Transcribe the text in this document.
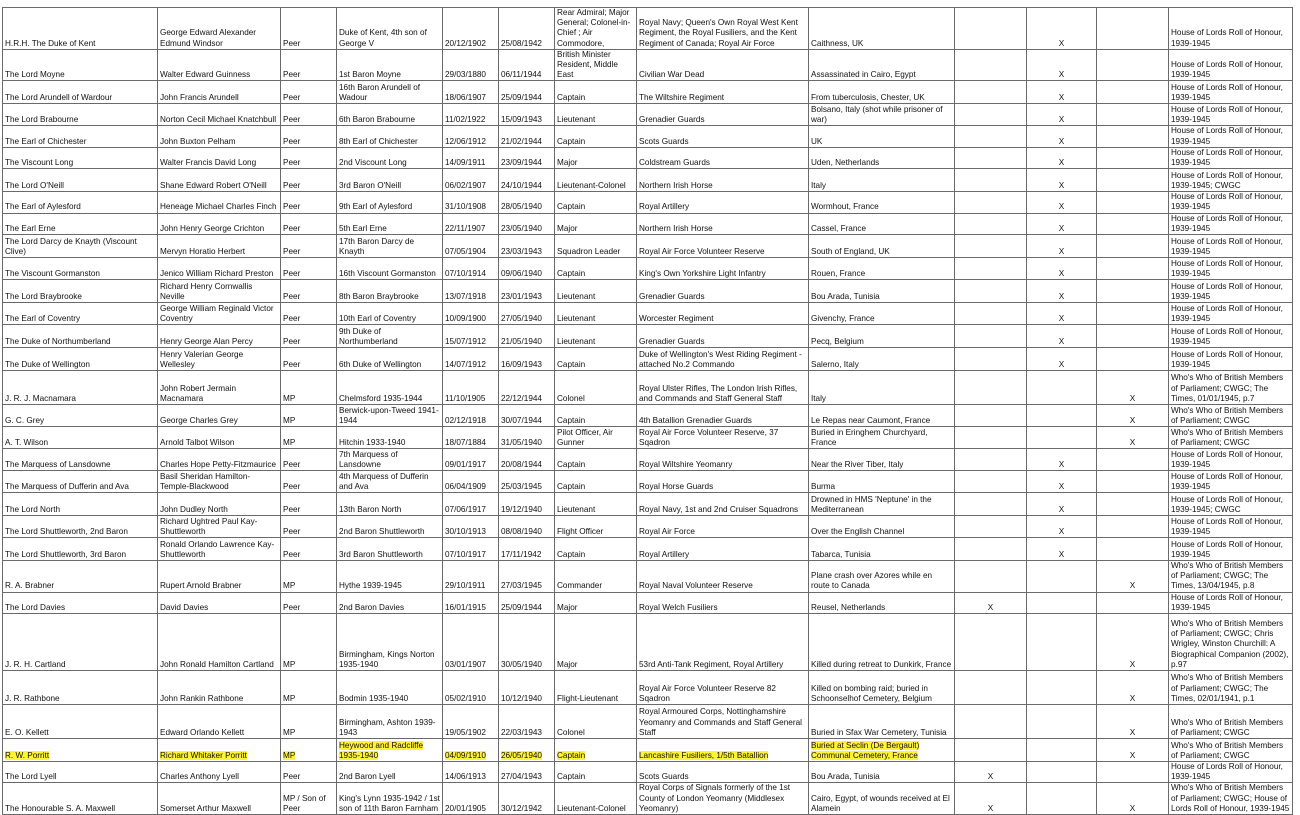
H.R.H. The Duke of Kent	George Edward Alexander Edmund Windsor	Peer	Duke of Kent, 4th son of George V	20/12/1902	25/08/1942	Rear Admiral; Major General; Colonel-in-Chief ; Air Commodore,	Royal Navy; Queen's Own Royal West Kent Regiment, the Royal Fusiliers, and the Kent Regiment of Canada; Royal Air Force	Caithness, UK		X		House of Lords Roll of Honour, 1939-1945
The Lord Moyne	Walter Edward Guinness	Peer	1st Baron Moyne	29/03/1880	06/11/1944	British Minister Resident, Middle East	Civilian War Dead	Assassinated in Cairo, Egypt		X		House of Lords Roll of Honour, 1939-1945
The Lord Arundell of Wardour	John Francis Arundell	Peer	16th Baron Arundell of Wadour	18/06/1907	25/09/1944	Captain	The Wiltshire Regiment	From tuberculosis, Chester, UK		X		House of Lords Roll of Honour, 1939-1945
The Lord Brabourne	Norton Cecil Michael Knatchbull	Peer	6th Baron Brabourne	11/02/1922	15/09/1943	Lieutenant	Grenadier Guards	Bolsano, Italy (shot while prisoner of war)		X		House of Lords Roll of Honour, 1939-1945
The Earl of Chichester	John Buxton Pelham	Peer	8th Earl of Chichester	12/06/1912	21/02/1944	Captain	Scots Guards	UK		X		House of Lords Roll of Honour, 1939-1945
The Viscount Long	Walter Francis David Long	Peer	2nd Viscount Long	14/09/1911	23/09/1944	Major	Coldstream Guards	Uden, Netherlands		X		House of Lords Roll of Honour, 1939-1945
The Lord O'Neill	Shane Edward Robert O'Neill	Peer	3rd Baron O'Neill	06/02/1907	24/10/1944	Lieutenant-Colonel	Northern Irish Horse	Italy		X		House of Lords Roll of Honour, 1939-1945; CWGC
The Earl of Aylesford	Heneage Michael Charles Finch	Peer	9th Earl of Aylesford	31/10/1908	28/05/1940	Captain	Royal Artillery	Wormhout, France		X		House of Lords Roll of Honour, 1939-1945
The Earl Erne	John Henry George Crichton	Peer	5th Earl Erne	22/11/1907	23/05/1940	Major	Northern Irish Horse	Cassel, France		X		House of Lords Roll of Honour, 1939-1945
The Lord Darcy de Knayth (Viscount Clive)	Mervyn Horatio Herbert	Peer	17th Baron Darcy de Knayth	07/05/1904	23/03/1943	Squadron Leader	Royal Air Force Volunteer Reserve	South of England, UK		X		House of Lords Roll of Honour, 1939-1945
The Viscount Gormanston	Jenico William Richard Preston	Peer	16th Viscount Gormanston	07/10/1914	09/06/1940	Captain	King's Own Yorkshire Light Infantry	Rouen, France		X		House of Lords Roll of Honour, 1939-1945
The Lord Braybrooke	Richard Henry Cornwallis Neville	Peer	8th Baron Braybrooke	13/07/1918	23/01/1943	Lieutenant	Grenadier Guards	Bou Arada, Tunisia		X		House of Lords Roll of Honour, 1939-1945
The Earl of Coventry	George William Reginald Victor Coventry	Peer	10th Earl of Coventry	10/09/1900	27/05/1940	Lieutenant	Worcester Regiment	Givenchy, France		X		House of Lords Roll of Honour, 1939-1945
The Duke of Northumberland	Henry George Alan Percy	Peer	9th Duke of Northumberland	15/07/1912	21/05/1940	Lieutenant	Grenadier Guards	Pecq, Belgium		X		House of Lords Roll of Honour, 1939-1945
The Duke of Wellington	Henry Valerian George Wellesley	Peer	6th Duke of Wellington	14/07/1912	16/09/1943	Captain	Duke of Wellington's West Riding Regiment - attached No.2 Commando	Salerno, Italy		X		House of Lords Roll of Honour, 1939-1945
J. R. J. Macnamara	John Robert Jermain Macnamara	MP	Chelmsford 1935-1944	11/10/1905	22/12/1944	Colonel	Royal Ulster Rifles, The London Irish Rifles, and Commands and Staff General Staff	Italy			X	Who's Who of British Members of Parliament; CWGC; The Times, 01/01/1945, p.7
G. C. Grey	George Charles Grey	MP	Berwick-upon-Tweed 1941-1944	02/12/1918	30/07/1944	Captain	4th Batallion Grenadier Guards	Le Repas near Caumont, France			X	Who's Who of British Members of Parliament; CWGC
A. T. Wilson	Arnold Talbot Wilson	MP	Hitchin 1933-1940	18/07/1884	31/05/1940	Pilot Officer, Air Gunner	Royal Air Force Volunteer Reserve, 37 Sqadron	Buried in Eringhem Churchyard, France			X	Who's Who of British Members of Parliament; CWGC
The Marquess of Lansdowne	Charles Hope Petty-Fitzmaurice	Peer	7th Marquess of Lansdowne	09/01/1917	20/08/1944	Captain	Royal Wiltshire Yeomanry	Near the River Tiber, Italy		X		House of Lords Roll of Honour, 1939-1945
The Marquess of Dufferin and Ava	Basil Sheridan Hamilton-Temple-Blackwood	Peer	4th Marquess of Dufferin and Ava	06/04/1909	25/03/1945	Captain	Royal Horse Guards	Burma		X		House of Lords Roll of Honour, 1939-1945
The Lord North	John Dudley North	Peer	13th Baron North	07/06/1917	19/12/1940	Lieutenant	Royal Navy, 1st and 2nd Cruiser Squadrons	Drowned in HMS 'Neptune' in the Mediterranean		X		House of Lords Roll of Honour, 1939-1945; CWGC
The Lord Shuttleworth, 2nd Baron	Richard Ughtred Paul Kay-Shuttleworth	Peer	2nd Baron Shuttleworth	30/10/1913	08/08/1940	Flight Officer	Royal Air Force	Over the English Channel		X		House of Lords Roll of Honour, 1939-1945
The Lord Shuttleworth, 3rd Baron	Ronald Orlando Lawrence Kay-Shuttleworth	Peer	3rd Baron Shuttleworth	07/10/1917	17/11/1942	Captain	Royal Artillery	Tabarca, Tunisia		X		House of Lords Roll of Honour, 1939-1945
R. A. Brabner	Rupert Arnold Brabner	MP	Hythe 1939-1945	29/10/1911	27/03/1945	Commander	Royal Naval Volunteer Reserve	Plane crash over Azores while en route to Canada			X	Who's Who of British Members of Parliament; CWGC; The Times, 13/04/1945, p.8
The Lord Davies	David Davies	Peer	2nd Baron Davies	16/01/1915	25/09/1944	Major	Royal Welch Fusiliers	Reusel, Netherlands	X			House of Lords Roll of Honour, 1939-1945
J. R. H. Cartland	John Ronald Hamilton Cartland	MP	Birmingham, Kings Norton 1935-1940	03/01/1907	30/05/1940	Major	53rd Anti-Tank Regiment, Royal Artillery	Killed during retreat to Dunkirk, France			X	Who's Who of British Members of Parliament; CWGC; Chris Wrigley, Winston Churchill: A Biographical Companion (2002), p.97
J. R. Rathbone	John Rankin Rathbone	MP	Bodmin 1935-1940	05/02/1910	10/12/1940	Flight-Lieutenant	Royal Air Force Volunteer Reserve 82 Sqadron	Killed on bombing raid; buried in Schoonselhof Cemetery, Belgium			X	Who's Who of British Members of Parliament; CWGC; The Times, 02/01/1941, p.1
E. O. Kellett	Edward Orlando Kellett	MP	Birmingham, Ashton 1939-1943	19/05/1902	22/03/1943	Colonel	Royal Armoured Corps, Nottinghamshire Yeomanry and Commands and Staff General Staff	Buried in Sfax War Cemetery, Tunisia			X	Who's Who of British Members of Parliament; CWGC
R. W. Porritt	Richard Whitaker Porritt	MP	Heywood and Radcliffe 1935-1940	04/09/1910	26/05/1940	Captain	Lancashire Fusiliers, 1/5th Batallion	Buried at Seclin (De Bergault) Communal Cemetery, France			X	Who's Who of British Members of Parliament; CWGC
The Lord Lyell	Charles Anthony Lyell	Peer	2nd Baron Lyell	14/06/1913	27/04/1943	Captain	Scots Guards	Bou Arada, Tunisia	X			House of Lords Roll of Honour, 1939-1945
The Honourable S. A. Maxwell	Somerset Arthur Maxwell	MP / Son of Peer	King's Lynn 1935-1942 / 1st son of 11th Baron Farnham	20/01/1905	30/12/1942	Lieutenant-Colonel	Royal Corps of Signals formerly of the 1st County of London Yeomanry (Middlesex Yeomanry)	Cairo, Egypt, of wounds received at El Alamein	X		X	Who's Who of British Members of Parliament; CWGC; House of Lords Roll of Honour, 1939-1945
